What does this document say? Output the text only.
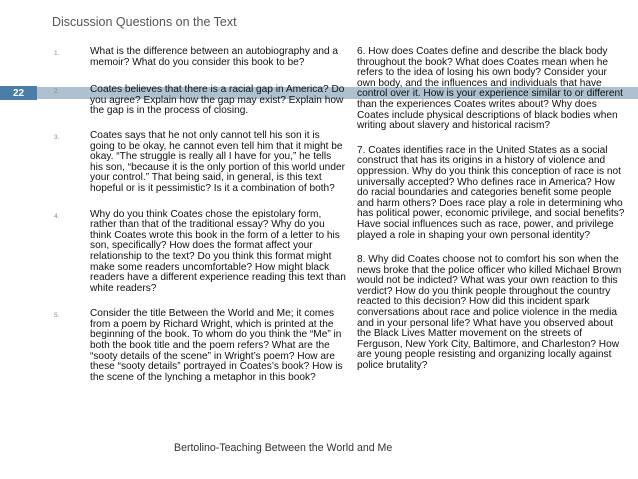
Discussion Questions on the Text
22
1.	What is the difference between an autobiography and a memoir? What do you consider this book to be?
2.	Coates believes that there is a racial gap in America? Do you agree? Explain how the gap may exist? Explain how the gap is in the process of closing.
3.	Coates says that he not only cannot tell his son it is going to be okay, he cannot even tell him that it might be okay. “The struggle is really all I have for you,” he tells his son, “because it is the only portion of this world under your control.” That being said, in general, is this text hopeful or is it pessimistic? Is it a combination of both?
4.	Why do you think Coates chose the epistolary form, rather than that of the traditional essay? Why do you think Coates wrote this book in the form of a letter to his son, specifically? How does the format affect your relationship to the text? Do you think this format might make some readers uncomfortable? How might black readers have a different experience reading this text than white readers?
5.	Consider the title Between the World and Me; it comes from a poem by Richard Wright, which is printed at the beginning of the book. To whom do you think the “Me” in both the book title and the poem refers? What are the “sooty details of the scene” in Wright’s poem? How are these “sooty details” portrayed in Coates’s book? How is the scene of the lynching a metaphor in this book?
6. How does Coates define and describe the black body throughout the book? What does Coates mean when he refers to the idea of losing his own body? Consider your own body, and the influences and individuals that have control over it. How is your experience similar to or different than the experiences Coates writes about? Why does Coates include physical descriptions of black bodies when writing about slavery and historical racism?
7. Coates identifies race in the United States as a social construct that has its origins in a history of violence and oppression. Why do you think this conception of race is not universally accepted? Who defines race in America? How do racial boundaries and categories benefit some people and harm others? Does race play a role in determining who has political power, economic privilege, and social benefits? Have social influences such as race, power, and privilege played a role in shaping your own personal identity?
8. Why did Coates choose not to comfort his son when the news broke that the police officer who killed Michael Brown would not be indicted? What was your own reaction to this verdict? How do you think people throughout the country reacted to this decision? How did this incident spark conversations about race and police violence in the media and in your personal life? What have you observed about the Black Lives Matter movement on the streets of Ferguson, New York City, Baltimore, and Charleston? How are young people resisting and organizing locally against police brutality?
Bertolino-Teaching Between the World and Me
